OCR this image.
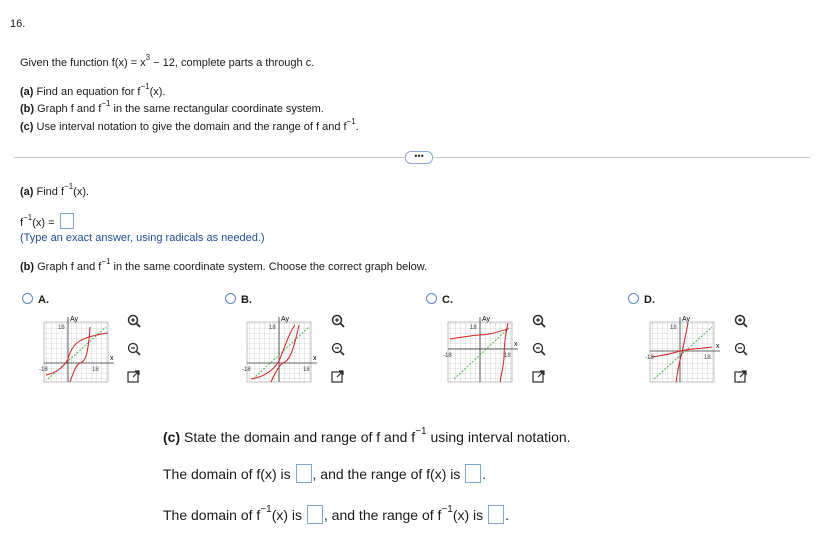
16.
Given the function $f(x) = x^3 - 12$, complete parts a through c.
(a) Find an equation for $f^{-1}(x)$.
(b) Graph f and $f^{-1}$ in the same rectangular coordinate system.
(c) Use interval notation to give the domain and the range of f and $f^{-1}$.
•••
(a) Find $f^{-1}(x)$.
$f^{-1}(x)$ =
(Type an exact answer, using radicals as needed.)
(b) Graph f and $f^{-1}$ in the same coordinate system. Choose the correct graph below.
A.
Ay
x
18
-18	18
B.
Ay
x
18
-18	18
C.
Ay
x
18
-18	18
D.
Ay
x
18
-18	18
(c) State the domain and range of f and $f^{-1}$ using interval notation.
The domain of f(x) is , and the range of f(x) is .
The domain of $f^{-1}(x)$ is , and the range of $f^{-1}(x)$ is .
